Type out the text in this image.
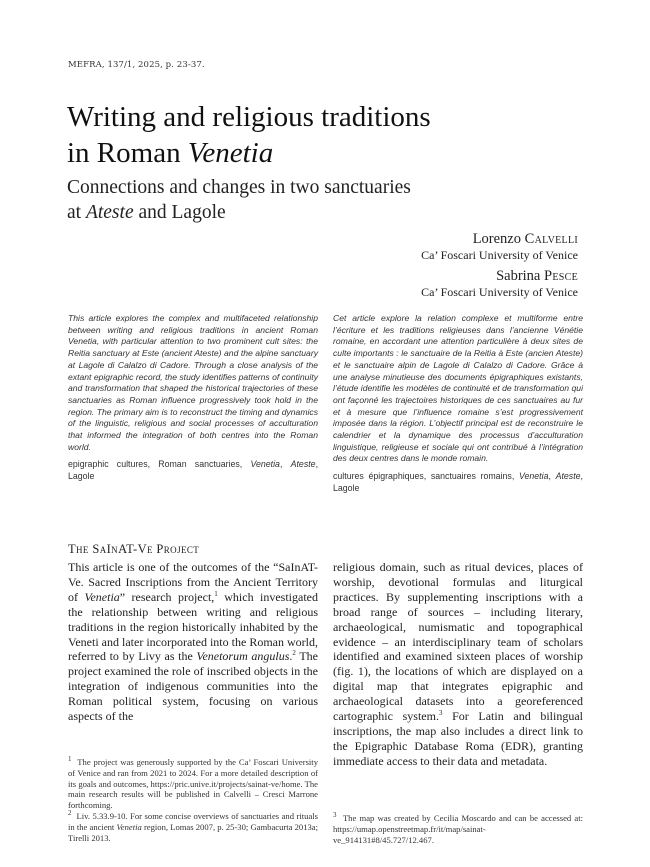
MEFRA, 137/1, 2025, p. 23-37.
Writing and religious traditions
in Roman Venetia
Connections and changes in two sanctuaries
at Ateste and Lagole
Lorenzo Calvelli
Ca’ Foscari University of Venice
Sabrina Pesce
Ca’ Foscari University of Venice
This article explores the complex and multifaceted relationship between writing and religious traditions in ancient Roman Venetia, with particular attention to two prominent cult sites: the Reitia sanctuary at Este (ancient Ateste) and the alpine sanctuary at Lagole di Calalzo di Cadore. Through a close analysis of the extant epigraphic record, the study identifies patterns of continuity and transformation that shaped the historical trajectories of these sanctuaries as Roman influence progressively took hold in the region. The primary aim is to reconstruct the timing and dynamics of the linguistic, religious and social processes of acculturation that informed the integration of both centres into the Roman world.
epigraphic cultures, Roman sanctuaries, Venetia, Ateste, Lagole
Cet article explore la relation complexe et multiforme entre l’écriture et les traditions religieuses dans l’ancienne Vénétie romaine, en accordant une attention particulière à deux sites de culte importants : le sanctuaire de la Reitia à Este (ancien Ateste) et le sanctuaire alpin de Lagole di Calalzo di Cadore. Grâce à une analyse minutieuse des documents épigraphiques existants, l’étude identifie les modèles de continuité et de transformation qui ont façonné les trajectoires historiques de ces sanctuaires au fur et à mesure que l’influence romaine s’est progressivement imposée dans la région. L’objectif principal est de reconstruire le calendrier et la dynamique des processus d’acculturation linguistique, religieuse et sociale qui ont contribué à l’intégration des deux centres dans le monde romain.
cultures épigraphiques, sanctuaires romains, Venetia, Ateste, Lagole
The SaInAT-Ve Project
This article is one of the outcomes of the “SaInAT-Ve. Sacred Inscriptions from the Ancient Territory of Venetia” research project,$^1$ which investigated the relationship between writing and religious traditions in the region historically inhabited by the Veneti and later incorporated into the Roman world, referred to by Livy as the Venetorum angulus.$^2$ The project examined the role of inscribed objects in the integration of indigenous communities into the Roman political system, focusing on various aspects of the
religious domain, such as ritual devices, places of worship, devotional formulas and liturgical practices. By supplementing inscriptions with a broad range of sources – including literary, archaeological, numismatic and topographical evidence – an interdisciplinary team of scholars identified and examined sixteen places of worship (fig. 1), the locations of which are displayed on a digital map that integrates epigraphic and archaeological datasets into a georeferenced cartographic system.$^3$ For Latin and bilingual inscriptions, the map also includes a direct link to the Epigraphic Database Roma (EDR), granting immediate access to their data and metadata.

$^1$ The project was generously supported by the Ca’ Foscari University of Venice and ran from 2021 to 2024. For a more detailed description of its goals and outcomes, https://pric.unive.it/projects/sainat-ve/home. The main research results will be published in Calvelli – Cresci Marrone forthcoming.

$^2$ Liv. 5.33.9-10. For some concise overviews of sanctuaries and rituals in the ancient Venetia region, Lomas 2007, p. 25-30; Gambacurta 2013a; Tirelli 2013.

$^3$ The map was created by Cecilia Moscardo and can be accessed at: https://umap.openstreetmap.fr/it/map/sainat-ve_914131#8/45.727/12.467.
